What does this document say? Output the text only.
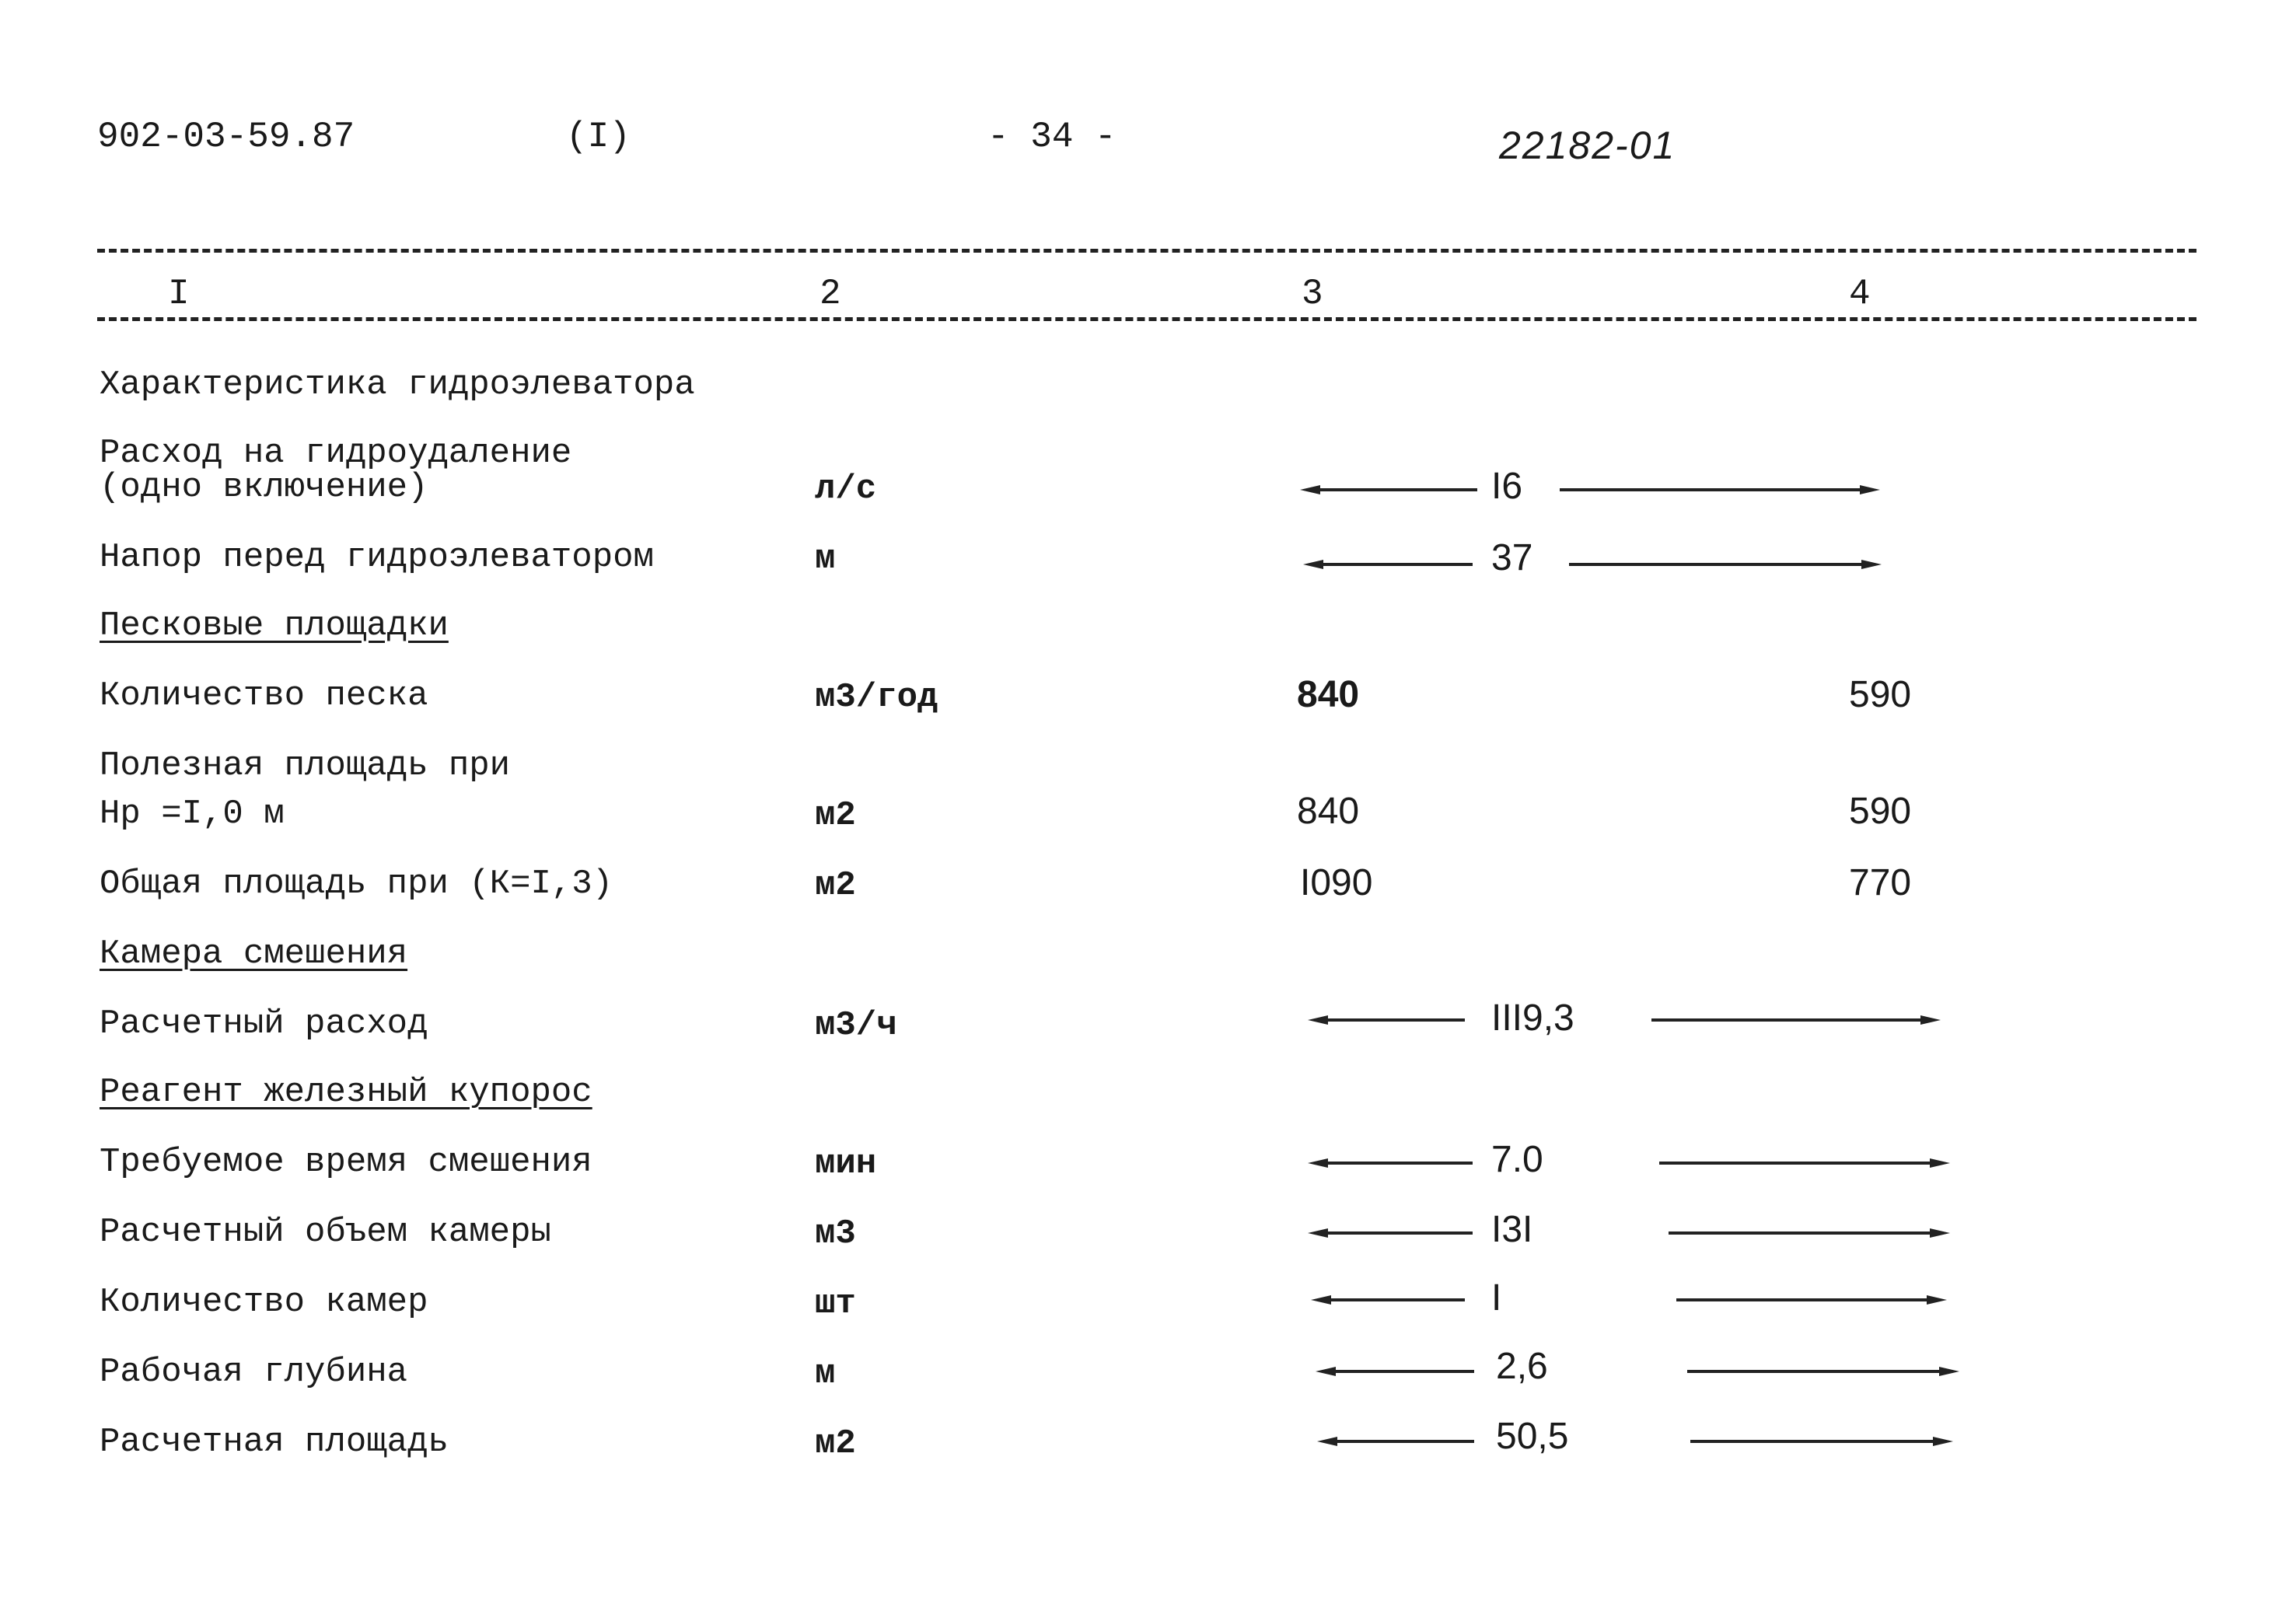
902-03-59.87	(I)	- 34 -	22182-01
I	2	3	4
Характеристика гидроэлеватора
Расход на гидроудаление
(одно включение)	л/с	I6
Напор перед гидроэлеватором	м	37
Песковые площадки
Количество песка	м3/год	840	590
Полезная площадь при
Нр =I,0 м	м2	840	590
Общая площадь при (К=I,3)	м2	I090	770
Камера смешения
Расчетный расход	м3/ч	III9,3
Реагент железный купорос
Требуемое время смешения	мин	7.0
Расчетный объем камеры	м3	I3I
Количество камер	шт	I
Рабочая глубина	м	2,6
Расчетная площадь	м2	50,5
